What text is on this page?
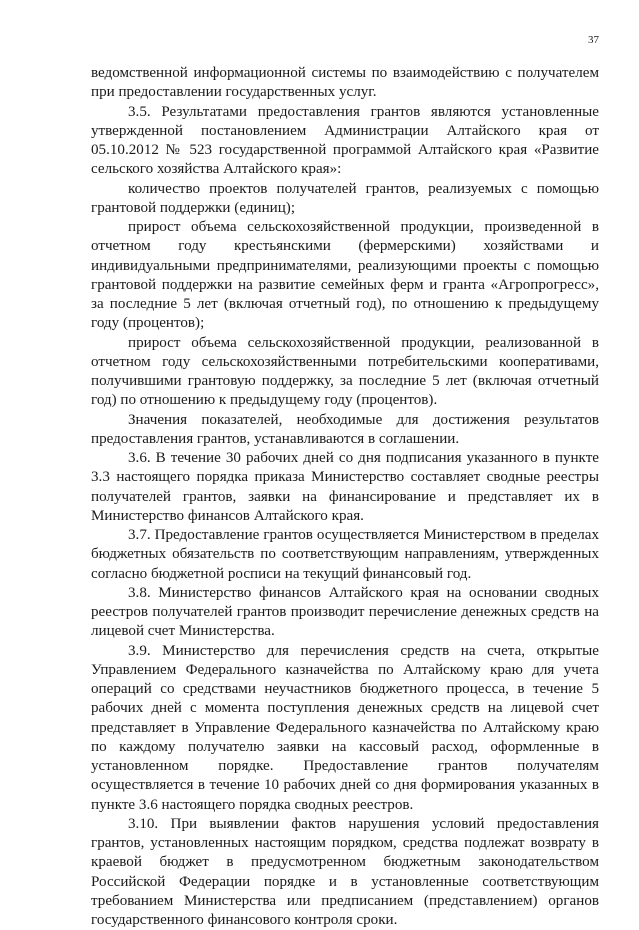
37

ведомственной информационной системы по взаимодействию с получателем при предоставлении государственных услуг.

3.5. Результатами предоставления грантов являются установленные утвержденной постановлением Администрации Алтайского края от 05.10.2012 № 523 государственной программой Алтайского края «Развитие сельского хозяйства Алтайского края»:

количество проектов получателей грантов, реализуемых с помощью грантовой поддержки (единиц);

прирост объема сельскохозяйственной продукции, произведенной в отчетном году крестьянскими (фермерскими) хозяйствами и индивидуальными предпринимателями, реализующими проекты с помощью грантовой поддержки на развитие семейных ферм и гранта «Агропрогресс», за последние 5 лет (включая отчетный год), по отношению к предыдущему году (процентов);

прирост объема сельскохозяйственной продукции, реализованной в отчетном году сельскохозяйственными потребительскими кооперативами, получившими грантовую поддержку, за последние 5 лет (включая отчетный год) по отношению к предыдущему году (процентов).

Значения показателей, необходимые для достижения результатов предоставления грантов, устанавливаются в соглашении.

3.6. В течение 30 рабочих дней со дня подписания указанного в пункте 3.3 настоящего порядка приказа Министерство составляет сводные реестры получателей грантов, заявки на финансирование и представляет их в Министерство финансов Алтайского края.

3.7. Предоставление грантов осуществляется Министерством в пределах бюджетных обязательств по соответствующим направлениям, утвержденных согласно бюджетной росписи на текущий финансовый год.

3.8. Министерство финансов Алтайского края на основании сводных реестров получателей грантов производит перечисление денежных средств на лицевой счет Министерства.

3.9. Министерство для перечисления средств на счета, открытые Управлением Федерального казначейства по Алтайскому краю для учета операций со средствами неучастников бюджетного процесса, в течение 5 рабочих дней с момента поступления денежных средств на лицевой счет представляет в Управление Федерального казначейства по Алтайскому краю по каждому получателю заявки на кассовый расход, оформленные в установленном порядке. Предоставление грантов получателям осуществляется в течение 10 рабочих дней со дня формирования указанных в пункте 3.6 настоящего порядка сводных реестров.

3.10. При выявлении фактов нарушения условий предоставления грантов, установленных настоящим порядком, средства подлежат возврату в краевой бюджет в предусмотренном бюджетным законодательством Российской Федерации порядке и в установленные соответствующим требованием Министерства или предписанием (представлением) органов государственного финансового контроля сроки.
